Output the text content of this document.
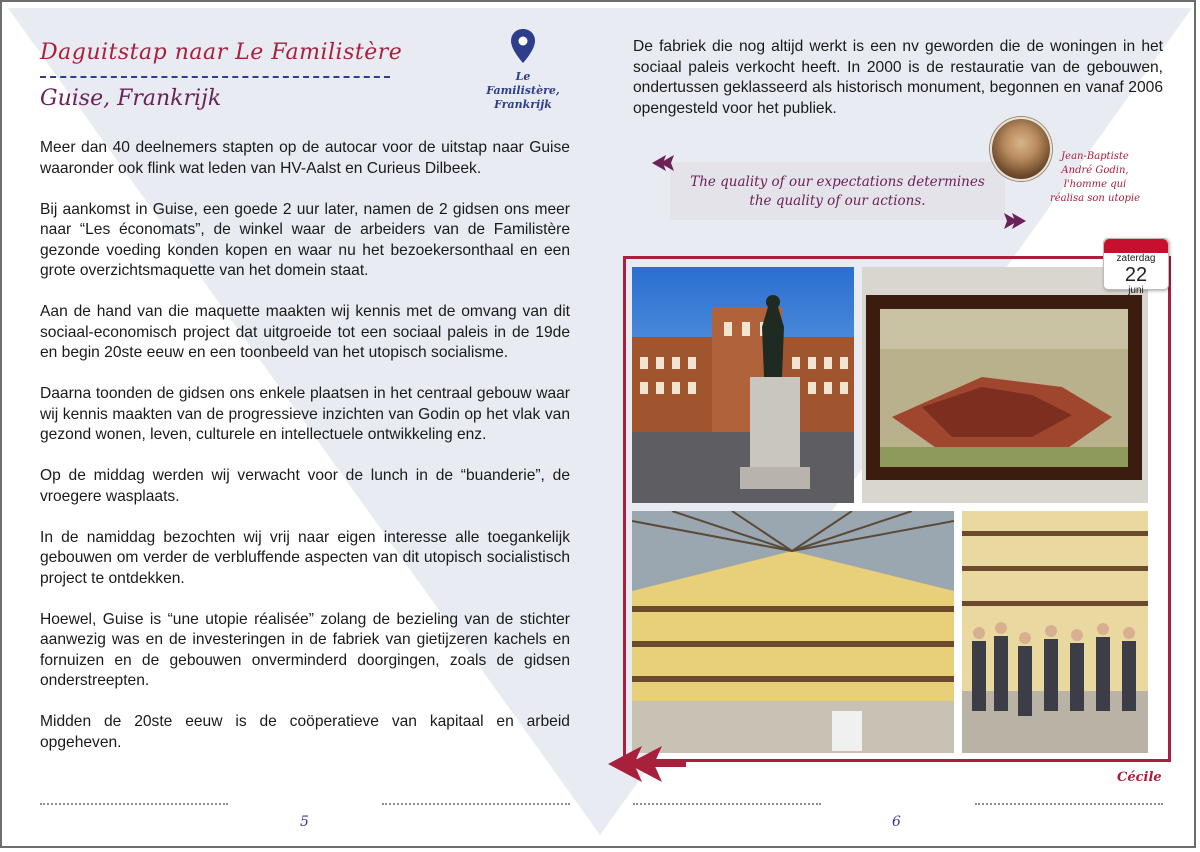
Daguitstap naar Le Familistère
Guise, Frankrijk
Le Familistère,
Frankrijk

Meer dan 40 deelnemers stapten op de autocar voor de uitstap naar Guise waaronder ook flink wat leden van HV-Aalst en Curieus Dilbeek.

Bij aankomst in Guise, een goede 2 uur later, namen de 2 gidsen ons meer naar “Les économats”, de winkel waar de arbeiders van de Familistère gezonde voeding konden kopen en waar nu het bezoekersonthaal en een grote overzichtsmaquette van het domein staat.

Aan de hand van die maquette maakten wij kennis met de omvang van dit sociaal-economisch project dat uitgroeide tot een sociaal paleis in de 19de en begin 20ste eeuw en een toonbeeld van het utopisch socialisme.

Daarna toonden de gidsen ons enkele plaatsen in het centraal gebouw waar wij kennis maakten van de progressieve inzichten van Godin op het vlak van gezond wonen, leven, culturele en intellectuele ontwikkeling enz.

Op de middag werden wij verwacht voor de lunch in de “buanderie”, de vroegere wasplaats.

In de namiddag bezochten wij vrij naar eigen interesse alle toegankelijk gebouwen om verder de verbluffende aspecten van dit utopisch socialistisch project te ontdekken.

Hoewel, Guise is “une utopie réalisée” zolang de bezieling van de stichter aanwezig was en de investeringen in de fabriek van gietijzeren kachels en fornuizen en de gebouwen onverminderd doorgingen, zoals de gidsen onderstreepten.

Midden de 20ste eeuw is de coöperatieve van kapitaal en arbeid opgeheven.

De fabriek die nog altijd werkt is een nv geworden die de woningen in het sociaal paleis verkocht heeft. In 2000 is de restauratie van de gebouwen, ondertussen geklasseerd als historisch monument, begonnen en vanaf 2006 opengesteld voor het publiek.

The quality of our expectations determines
the quality of our actions.
Jean-Baptiste
André Godin,
l'homme qui
réalisa son utopie
zaterdag
22
juni
Cécile
5	6
